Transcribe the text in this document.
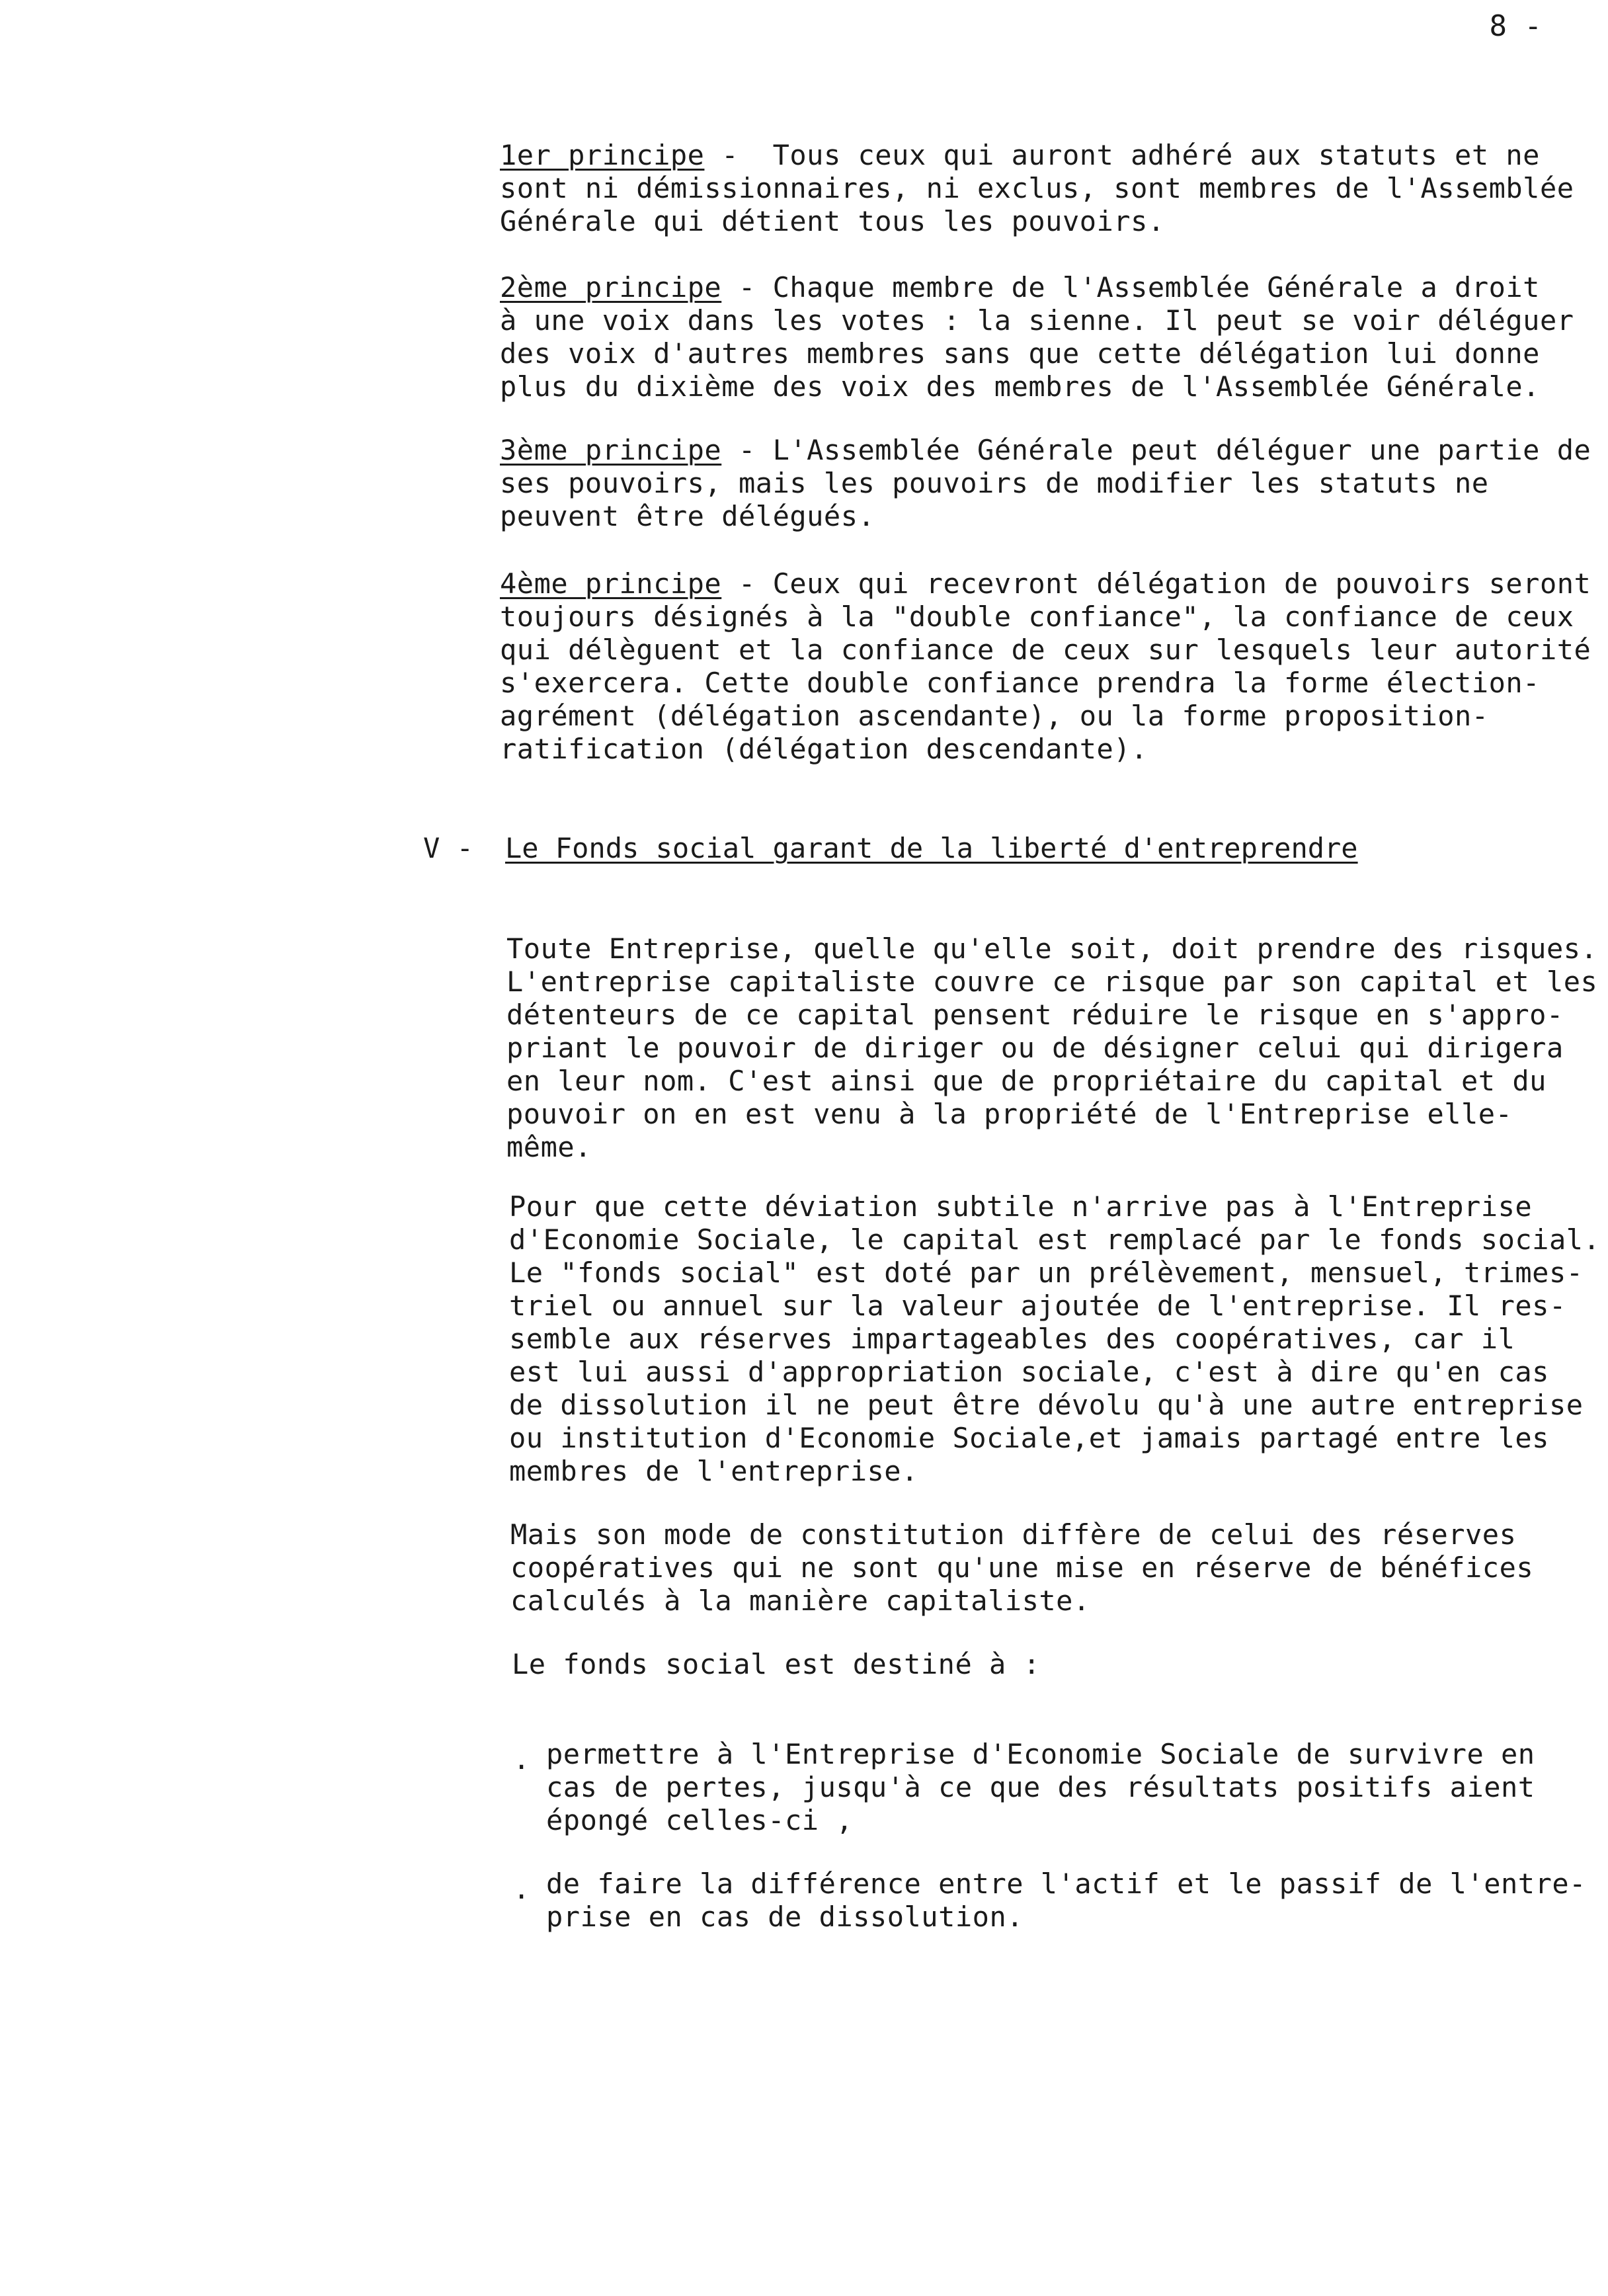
8 -
1er principe -  Tous ceux qui auront adhéré aux statuts et ne
sont ni démissionnaires, ni exclus, sont membres de l'Assemblée
Générale qui détient tous les pouvoirs.
2ème principe - Chaque membre de l'Assemblée Générale a droit
à une voix dans les votes : la sienne. Il peut se voir déléguer
des voix d'autres membres sans que cette délégation lui donne
plus du dixième des voix des membres de l'Assemblée Générale.
3ème principe - L'Assemblée Générale peut déléguer une partie de
ses pouvoirs, mais les pouvoirs de modifier les statuts ne
peuvent être délégués.
4ème principe - Ceux qui recevront délégation de pouvoirs seront
toujours désignés à la "double confiance", la confiance de ceux
qui délèguent et la confiance de ceux sur lesquels leur autorité
s'exercera. Cette double confiance prendra la forme élection-
agrément (délégation ascendante), ou la forme proposition-
ratification (délégation descendante).
V - Le Fonds social garant de la liberté d'entreprendre
Toute Entreprise, quelle qu'elle soit, doit prendre des risques.
L'entreprise capitaliste couvre ce risque par son capital et les
détenteurs de ce capital pensent réduire le risque en s'appro-
priant le pouvoir de diriger ou de désigner celui qui dirigera
en leur nom. C'est ainsi que de propriétaire du capital et du
pouvoir on en est venu à la propriété de l'Entreprise elle-
même.
Pour que cette déviation subtile n'arrive pas à l'Entreprise
d'Economie Sociale, le capital est remplacé par le fonds social.
Le "fonds social" est doté par un prélèvement, mensuel, trimes-
triel ou annuel sur la valeur ajoutée de l'entreprise. Il res-
semble aux réserves impartageables des coopératives, car il
est lui aussi d'appropriation sociale, c'est à dire qu'en cas
de dissolution il ne peut être dévolu qu'à une autre entreprise
ou institution d'Economie Sociale,et jamais partagé entre les
membres de l'entreprise.
Mais son mode de constitution diffère de celui des réserves
coopératives qui ne sont qu'une mise en réserve de bénéfices
calculés à la manière capitaliste.
Le fonds social est destiné à :
. permettre à l'Entreprise d'Economie Sociale de survivre en
cas de pertes, jusqu'à ce que des résultats positifs aient
épongé celles-ci ,
. de faire la différence entre l'actif et le passif de l'entre-
prise en cas de dissolution.
